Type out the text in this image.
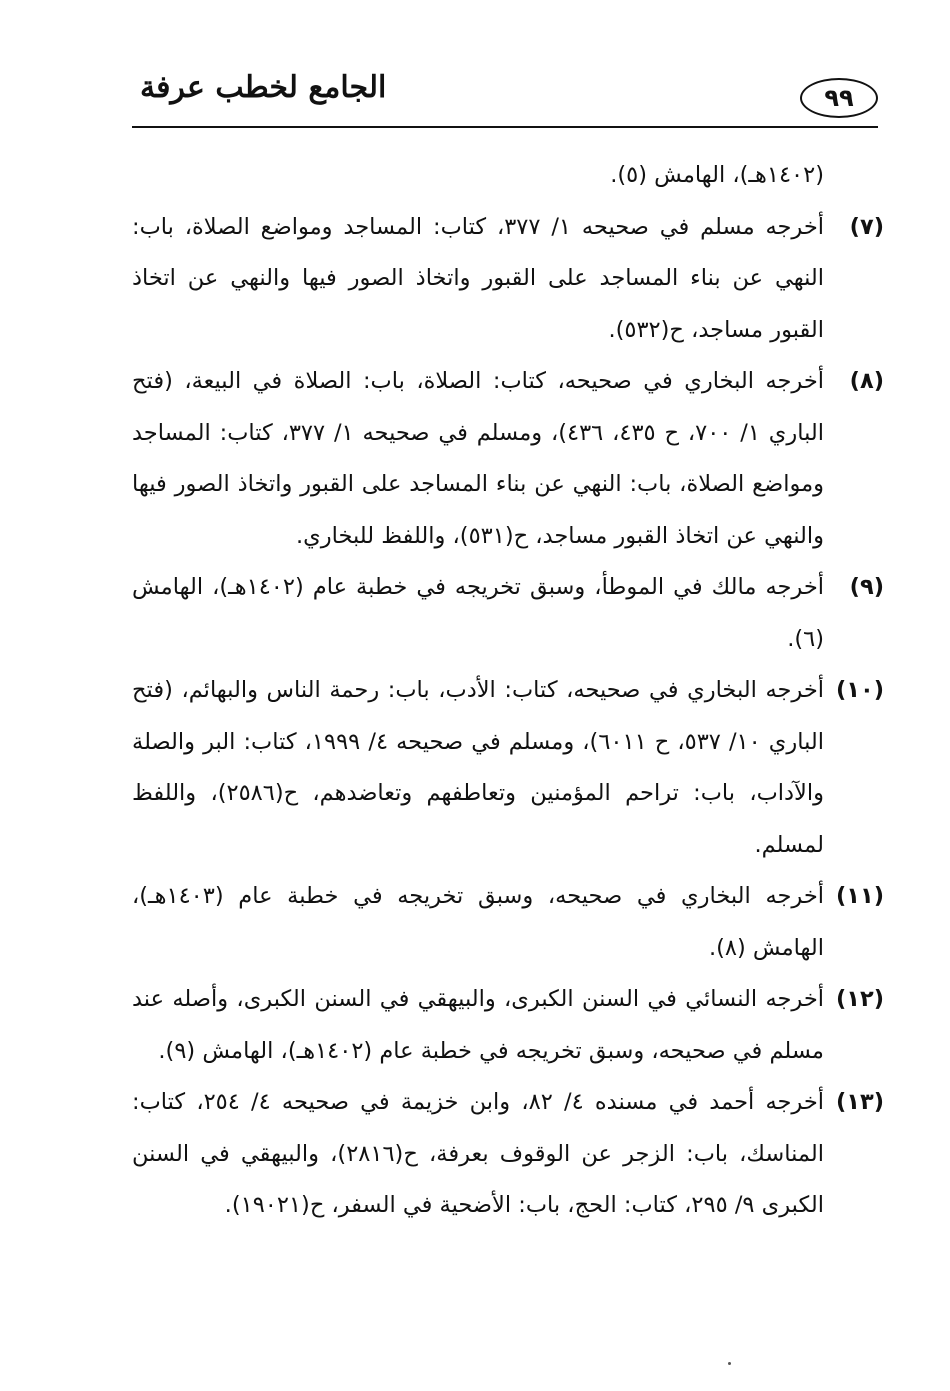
الجامع لخطب عرفة	٩٩
(١٤٠٢هـ)، الهامش (٥).
(٧)
أخرجه مسلم في صحيحه ١/ ٣٧٧، كتاب: المساجد ومواضع الصلاة، باب: النهي عن بناء المساجد على القبور واتخاذ الصور فيها والنهي عن اتخاذ القبور مساجد، ح(٥٣٢).
(٨)
أخرجه البخاري في صحيحه، كتاب: الصلاة، باب: الصلاة في البيعة، (فتح الباري ١/ ٧٠٠، ح ٤٣٥، ٤٣٦)، ومسلم في صحيحه ١/ ٣٧٧، كتاب: المساجد ومواضع الصلاة، باب: النهي عن بناء المساجد على القبور واتخاذ الصور فيها والنهي عن اتخاذ القبور مساجد، ح(٥٣١)، واللفظ للبخاري.
(٩)
أخرجه مالك في الموطأ، وسبق تخريجه في خطبة عام (١٤٠٢هـ)، الهامش (٦).
(١٠)
أخرجه البخاري في صحيحه، كتاب: الأدب، باب: رحمة الناس والبهائم، (فتح الباري ١٠/ ٥٣٧، ح ٦٠١١)، ومسلم في صحيحه ٤/ ١٩٩٩، كتاب: البر والصلة والآداب، باب: تراحم المؤمنين وتعاطفهم وتعاضدهم، ح(٢٥٨٦)، واللفظ لمسلم.
(١١)
أخرجه البخاري في صحيحه، وسبق تخريجه في خطبة عام (١٤٠٣هـ)، الهامش (٨).
(١٢)
أخرجه النسائي في السنن الكبرى، والبيهقي في السنن الكبرى، وأصله عند مسلم في صحيحه، وسبق تخريجه في خطبة عام (١٤٠٢هـ)، الهامش (٩).
(١٣)
أخرجه أحمد في مسنده ٤/ ٨٢، وابن خزيمة في صحيحه ٤/ ٢٥٤، كتاب: المناسك، باب: الزجر عن الوقوف بعرفة، ح(٢٨١٦)، والبيهقي في السنن الكبرى ٩/ ٢٩٥، كتاب: الحج، باب: الأضحية في السفر، ح(١٩٠٢١).
